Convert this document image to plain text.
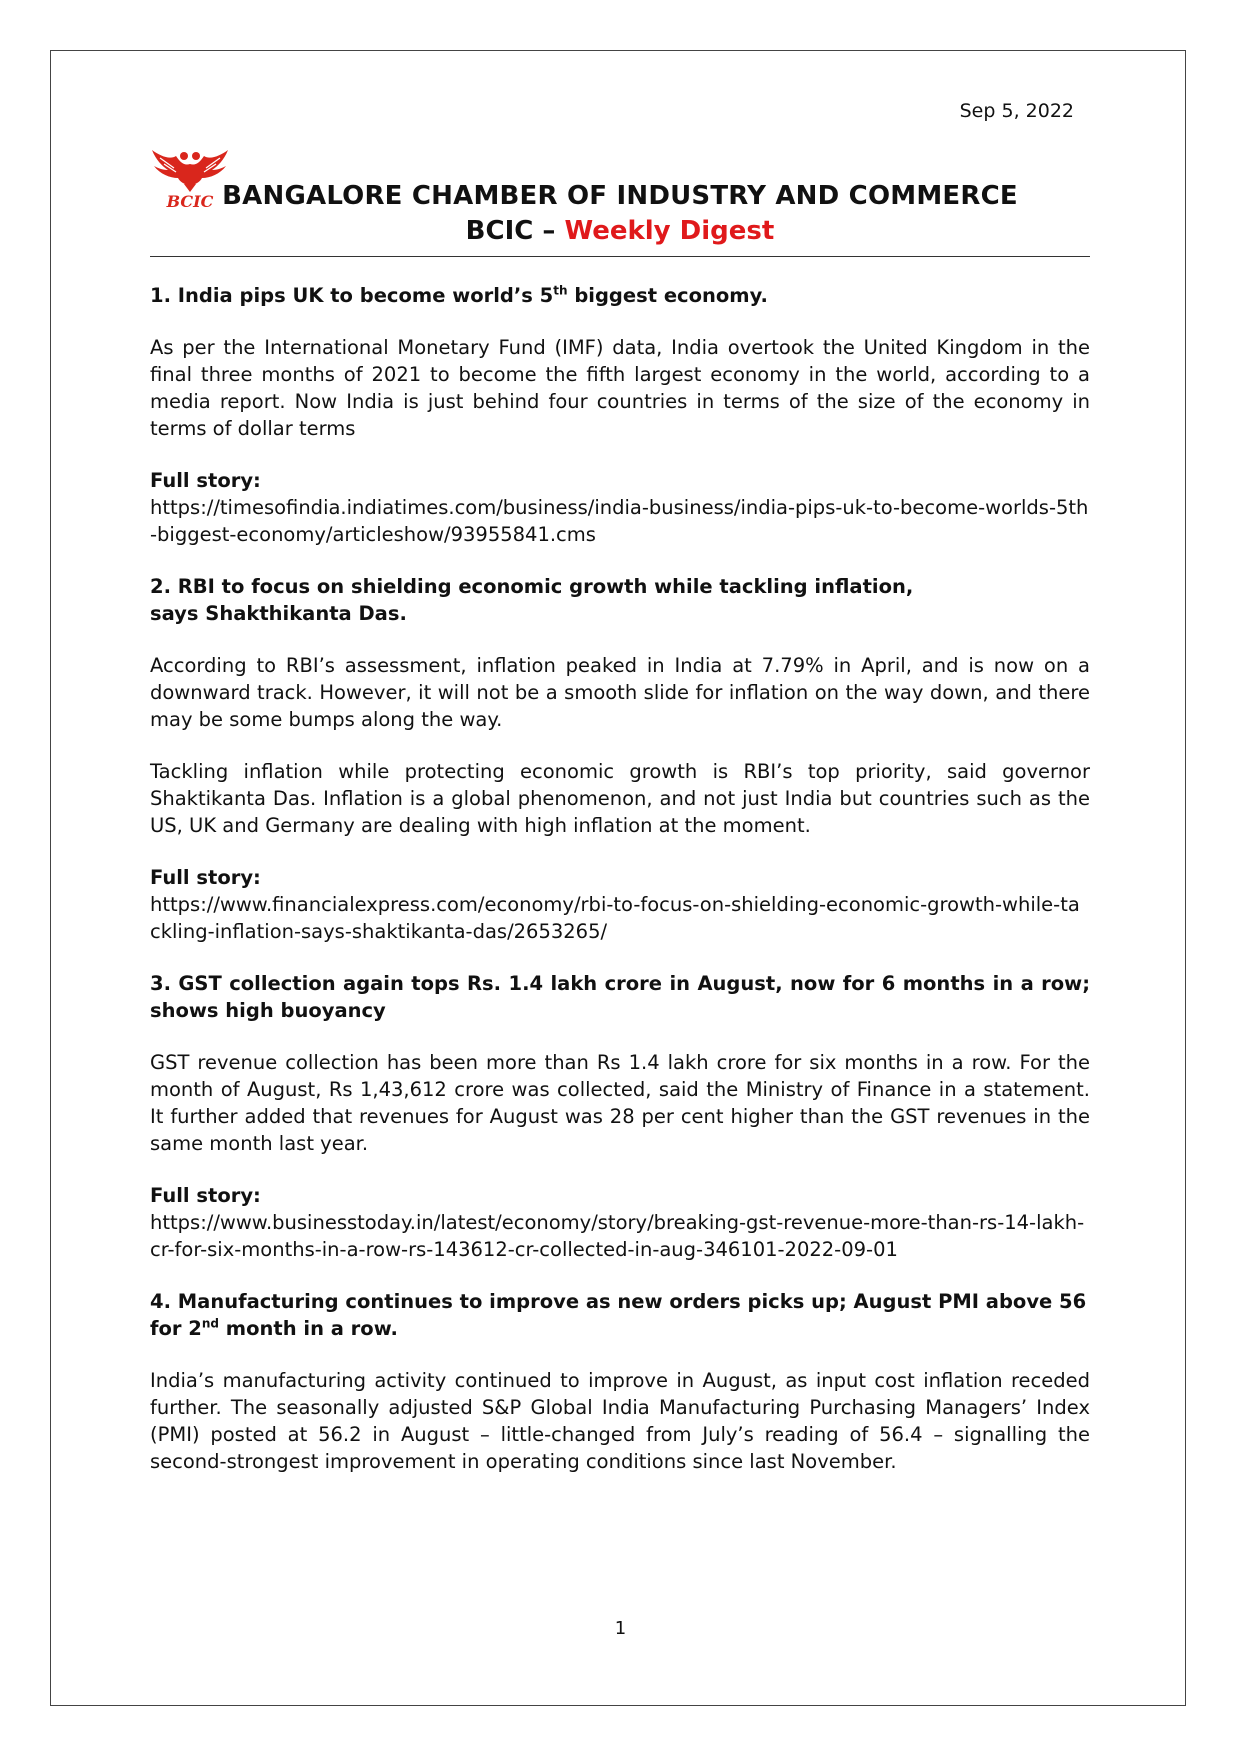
Sep 5, 2022
BCIC BANGALORE CHAMBER OF INDUSTRY AND COMMERCE
BCIC – Weekly Digest
1. India pips UK to become world’s 5th biggest economy.

As per the International Monetary Fund (IMF) data, India overtook the United Kingdom in the final three months of 2021 to become the fifth largest economy in the world, according to a media report. Now India is just behind four countries in terms of the size of the economy in terms of dollar terms

Full story:
https://timesofindia.indiatimes.com/business/india-business/india-pips-uk-to-become-worlds-5th-biggest-economy/articleshow/93955841.cms
2. RBI to focus on shielding economic growth while tackling inflation,
says Shakthikanta Das.

According to RBI’s assessment, inflation peaked in India at 7.79% in April, and is now on a downward track. However, it will not be a smooth slide for inflation on the way down, and there may be some bumps along the way.

Tackling inflation while protecting economic growth is RBI’s top priority, said governor Shaktikanta Das. Inflation is a global phenomenon, and not just India but countries such as the US, UK and Germany are dealing with high inflation at the moment.

Full story:
https://www.financialexpress.com/economy/rbi-to-focus-on-shielding-economic-growth-while-tackling-inflation-says-shaktikanta-das/2653265/
3. GST collection again tops Rs. 1.4 lakh crore in August, now for 6 months in a row; shows high buoyancy

GST revenue collection has been more than Rs 1.4 lakh crore for six months in a row. For the month of August, Rs 1,43,612 crore was collected, said the Ministry of Finance in a statement. It further added that revenues for August was 28 per cent higher than the GST revenues in the same month last year.

Full story:
https://www.businesstoday.in/latest/economy/story/breaking-gst-revenue-more-than-rs-14-lakh-cr-for-six-months-in-a-row-rs-143612-cr-collected-in-aug-346101-2022-09-01
4. Manufacturing continues to improve as new orders picks up; August PMI above 56 for 2nd month in a row.

India’s manufacturing activity continued to improve in August, as input cost inflation receded further. The seasonally adjusted S&P Global India Manufacturing Purchasing Managers’ Index (PMI) posted at 56.2 in August – little-changed from July’s reading of 56.4 – signalling the second-strongest improvement in operating conditions since last November.

1
